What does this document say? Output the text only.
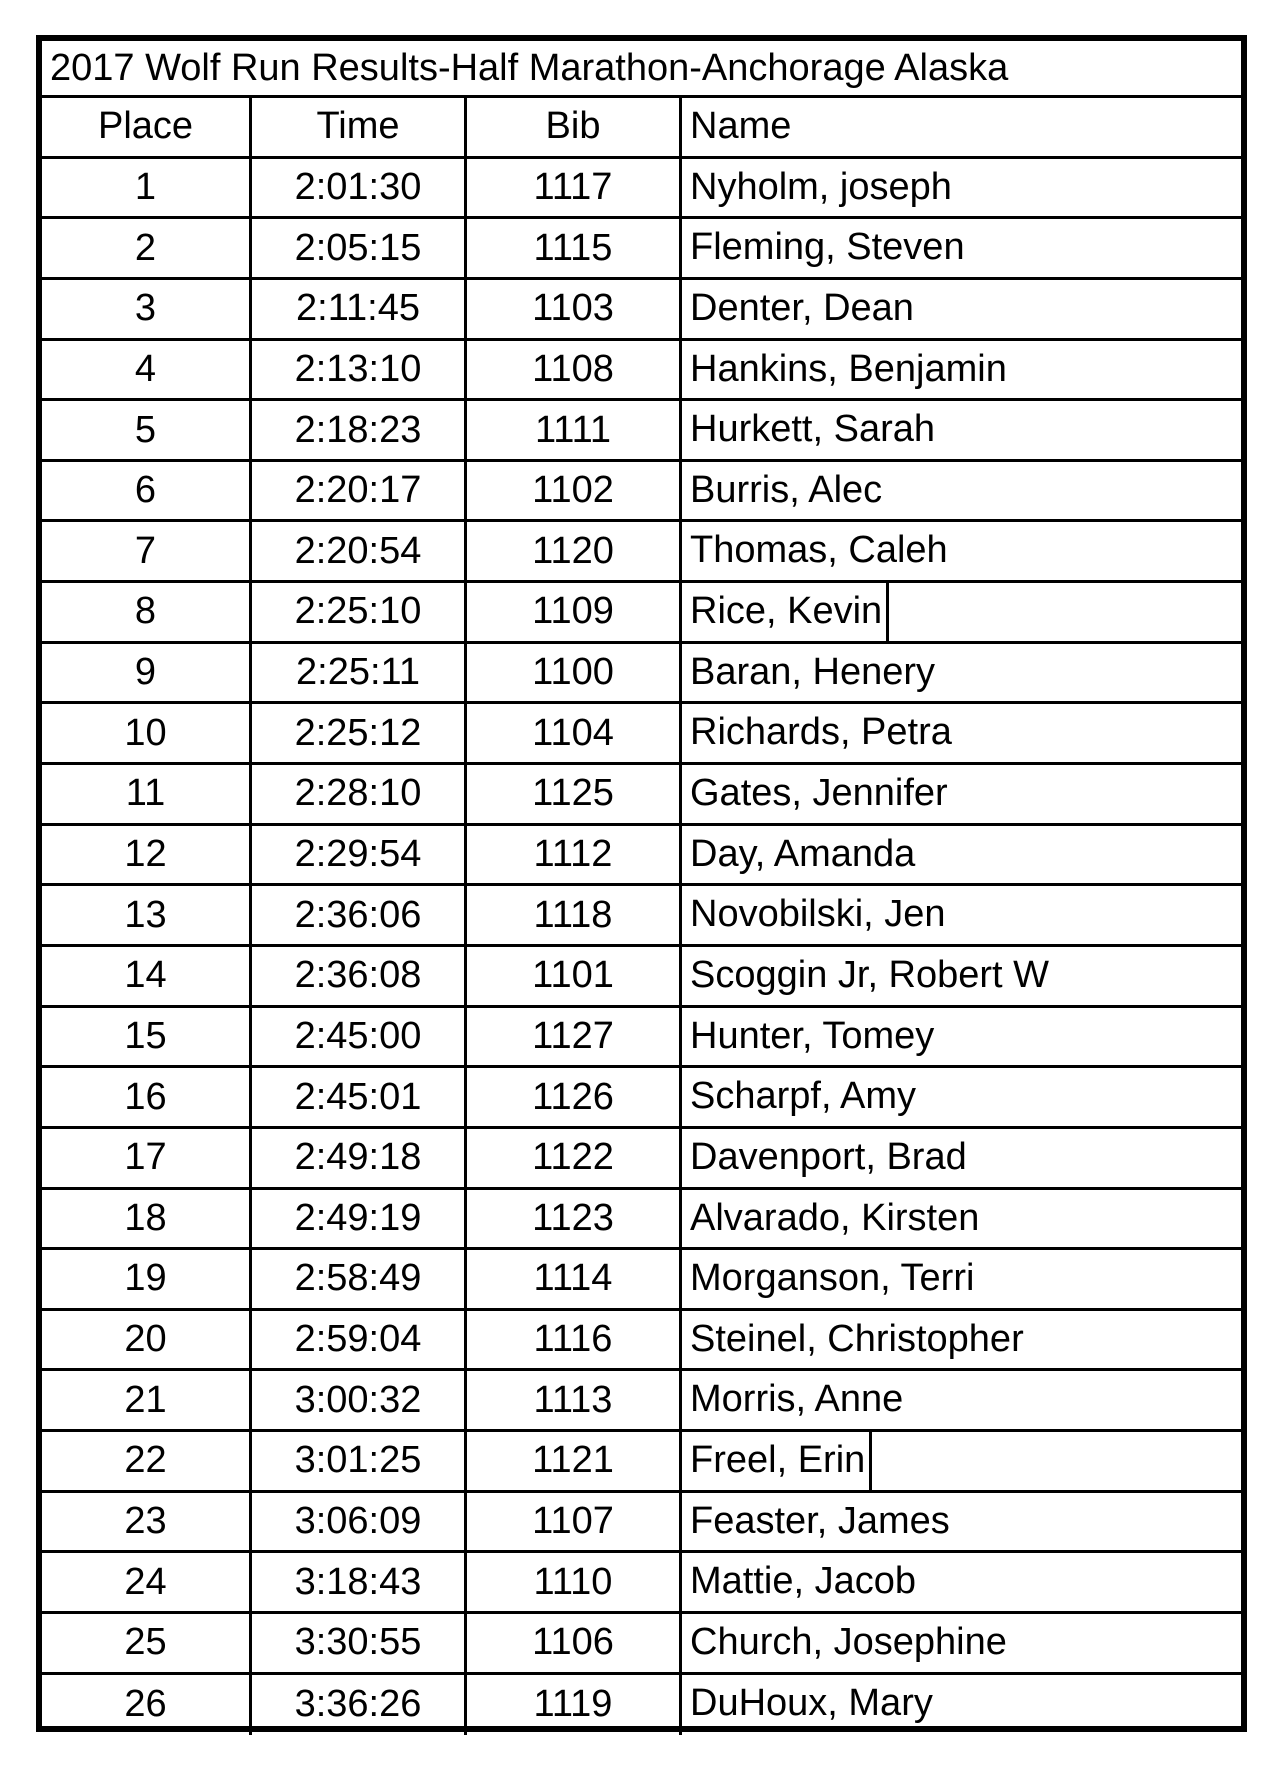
2017 Wolf Run Results-Half Marathon-Anchorage Alaska
Place	Time	Bib	Name
1	2:01:30	1117	Nyholm, joseph
2	2:05:15	1115	Fleming, Steven
3	2:11:45	1103	Denter, Dean
4	2:13:10	1108	Hankins, Benjamin
5	2:18:23	1111	Hurkett, Sarah
6	2:20:17	1102	Burris, Alec
7	2:20:54	1120	Thomas, Caleh
8	2:25:10	1109	Rice, Kevin
9	2:25:11	1100	Baran, Henery
10	2:25:12	1104	Richards, Petra
11	2:28:10	1125	Gates, Jennifer
12	2:29:54	1112	Day, Amanda
13	2:36:06	1118	Novobilski, Jen
14	2:36:08	1101	Scoggin Jr, Robert W
15	2:45:00	1127	Hunter, Tomey
16	2:45:01	1126	Scharpf, Amy
17	2:49:18	1122	Davenport, Brad
18	2:49:19	1123	Alvarado, Kirsten
19	2:58:49	1114	Morganson, Terri
20	2:59:04	1116	Steinel, Christopher
21	3:00:32	1113	Morris, Anne
22	3:01:25	1121	Freel, Erin
23	3:06:09	1107	Feaster, James
24	3:18:43	1110	Mattie, Jacob
25	3:30:55	1106	Church, Josephine
26	3:36:26	1119	DuHoux, Mary
